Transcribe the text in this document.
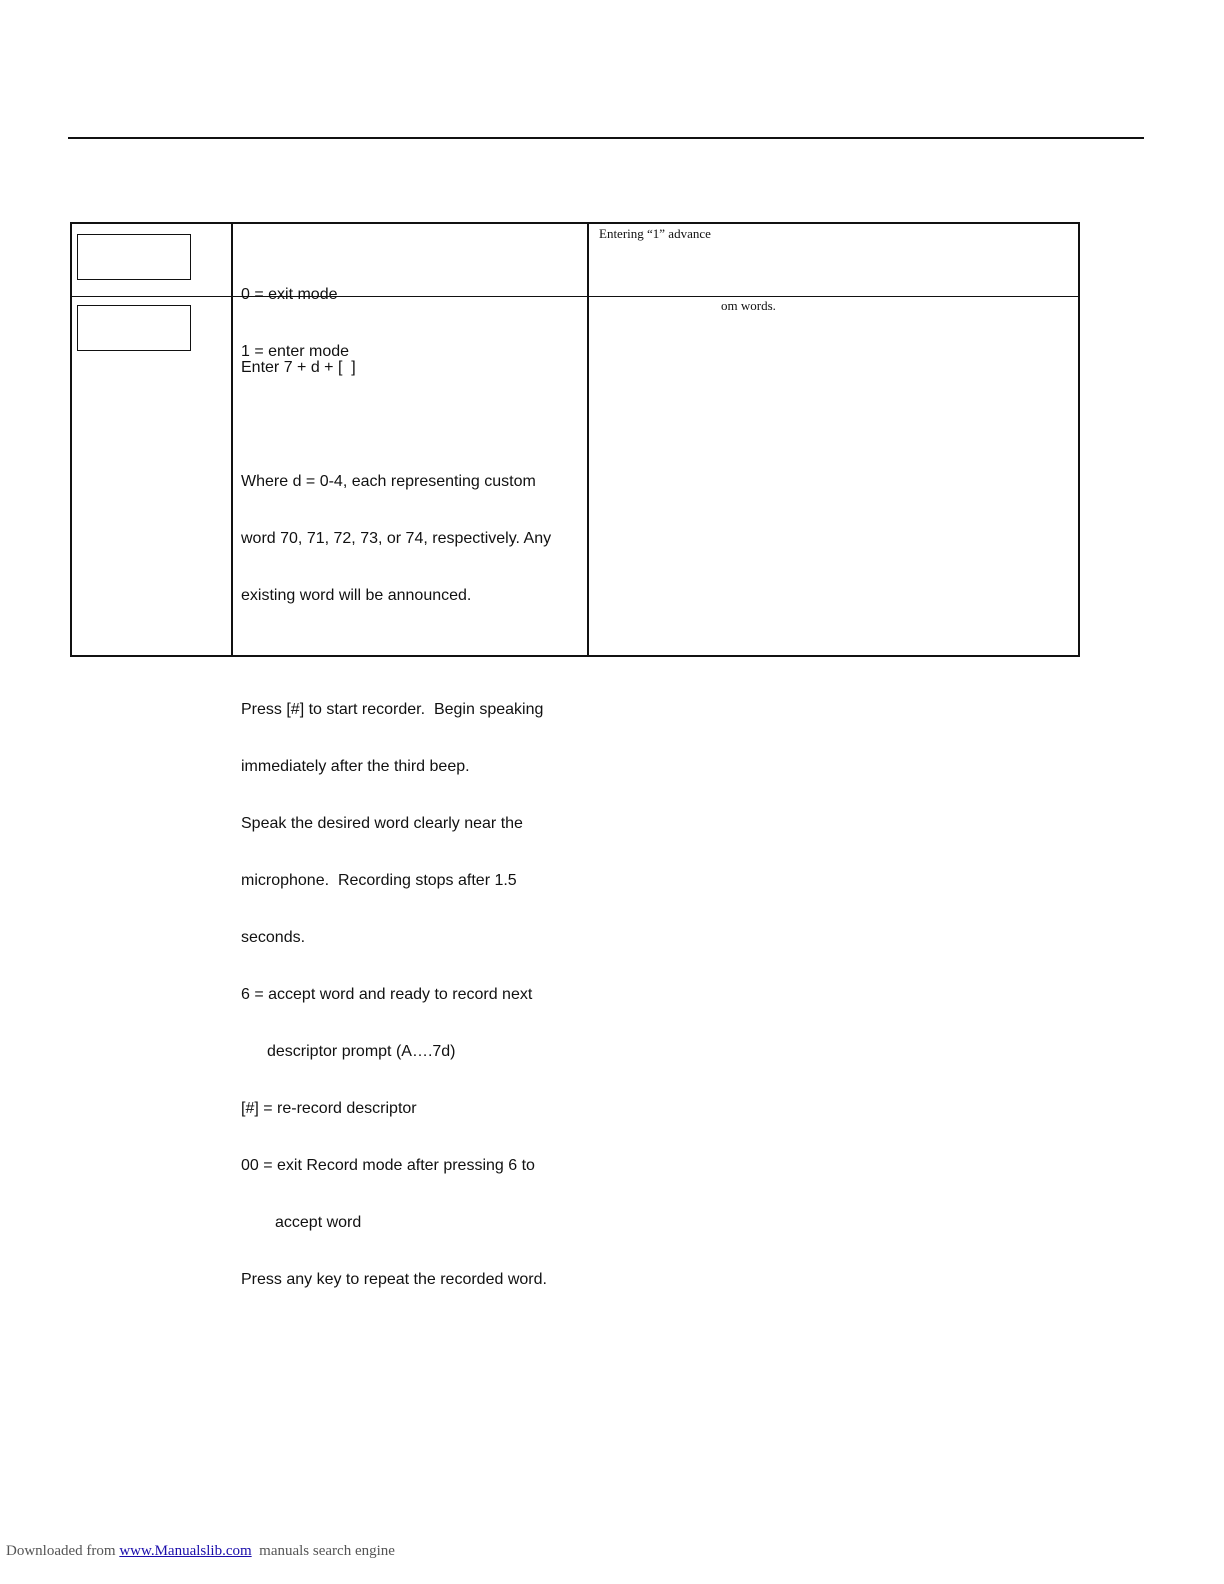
0 = exit mode

1 = enter mode

Entering “1” advance

Enter 7 + d + [  ]

Where d = 0-4, each representing custom

word 70, 71, 72, 73, or 74, respectively. Any

existing word will be announced.

Press [#] to start recorder.  Begin speaking

immediately after the third beep.

Speak the desired word clearly near the

microphone.  Recording stops after 1.5

seconds.

6 = accept word and ready to record next

descriptor prompt (A….7d)

[#] = re-record descriptor

00 = exit Record mode after pressing 6 to

accept word

Press any key to repeat the recorded word.

om words.
Downloaded from www.Manualslib.com  manuals search engine
